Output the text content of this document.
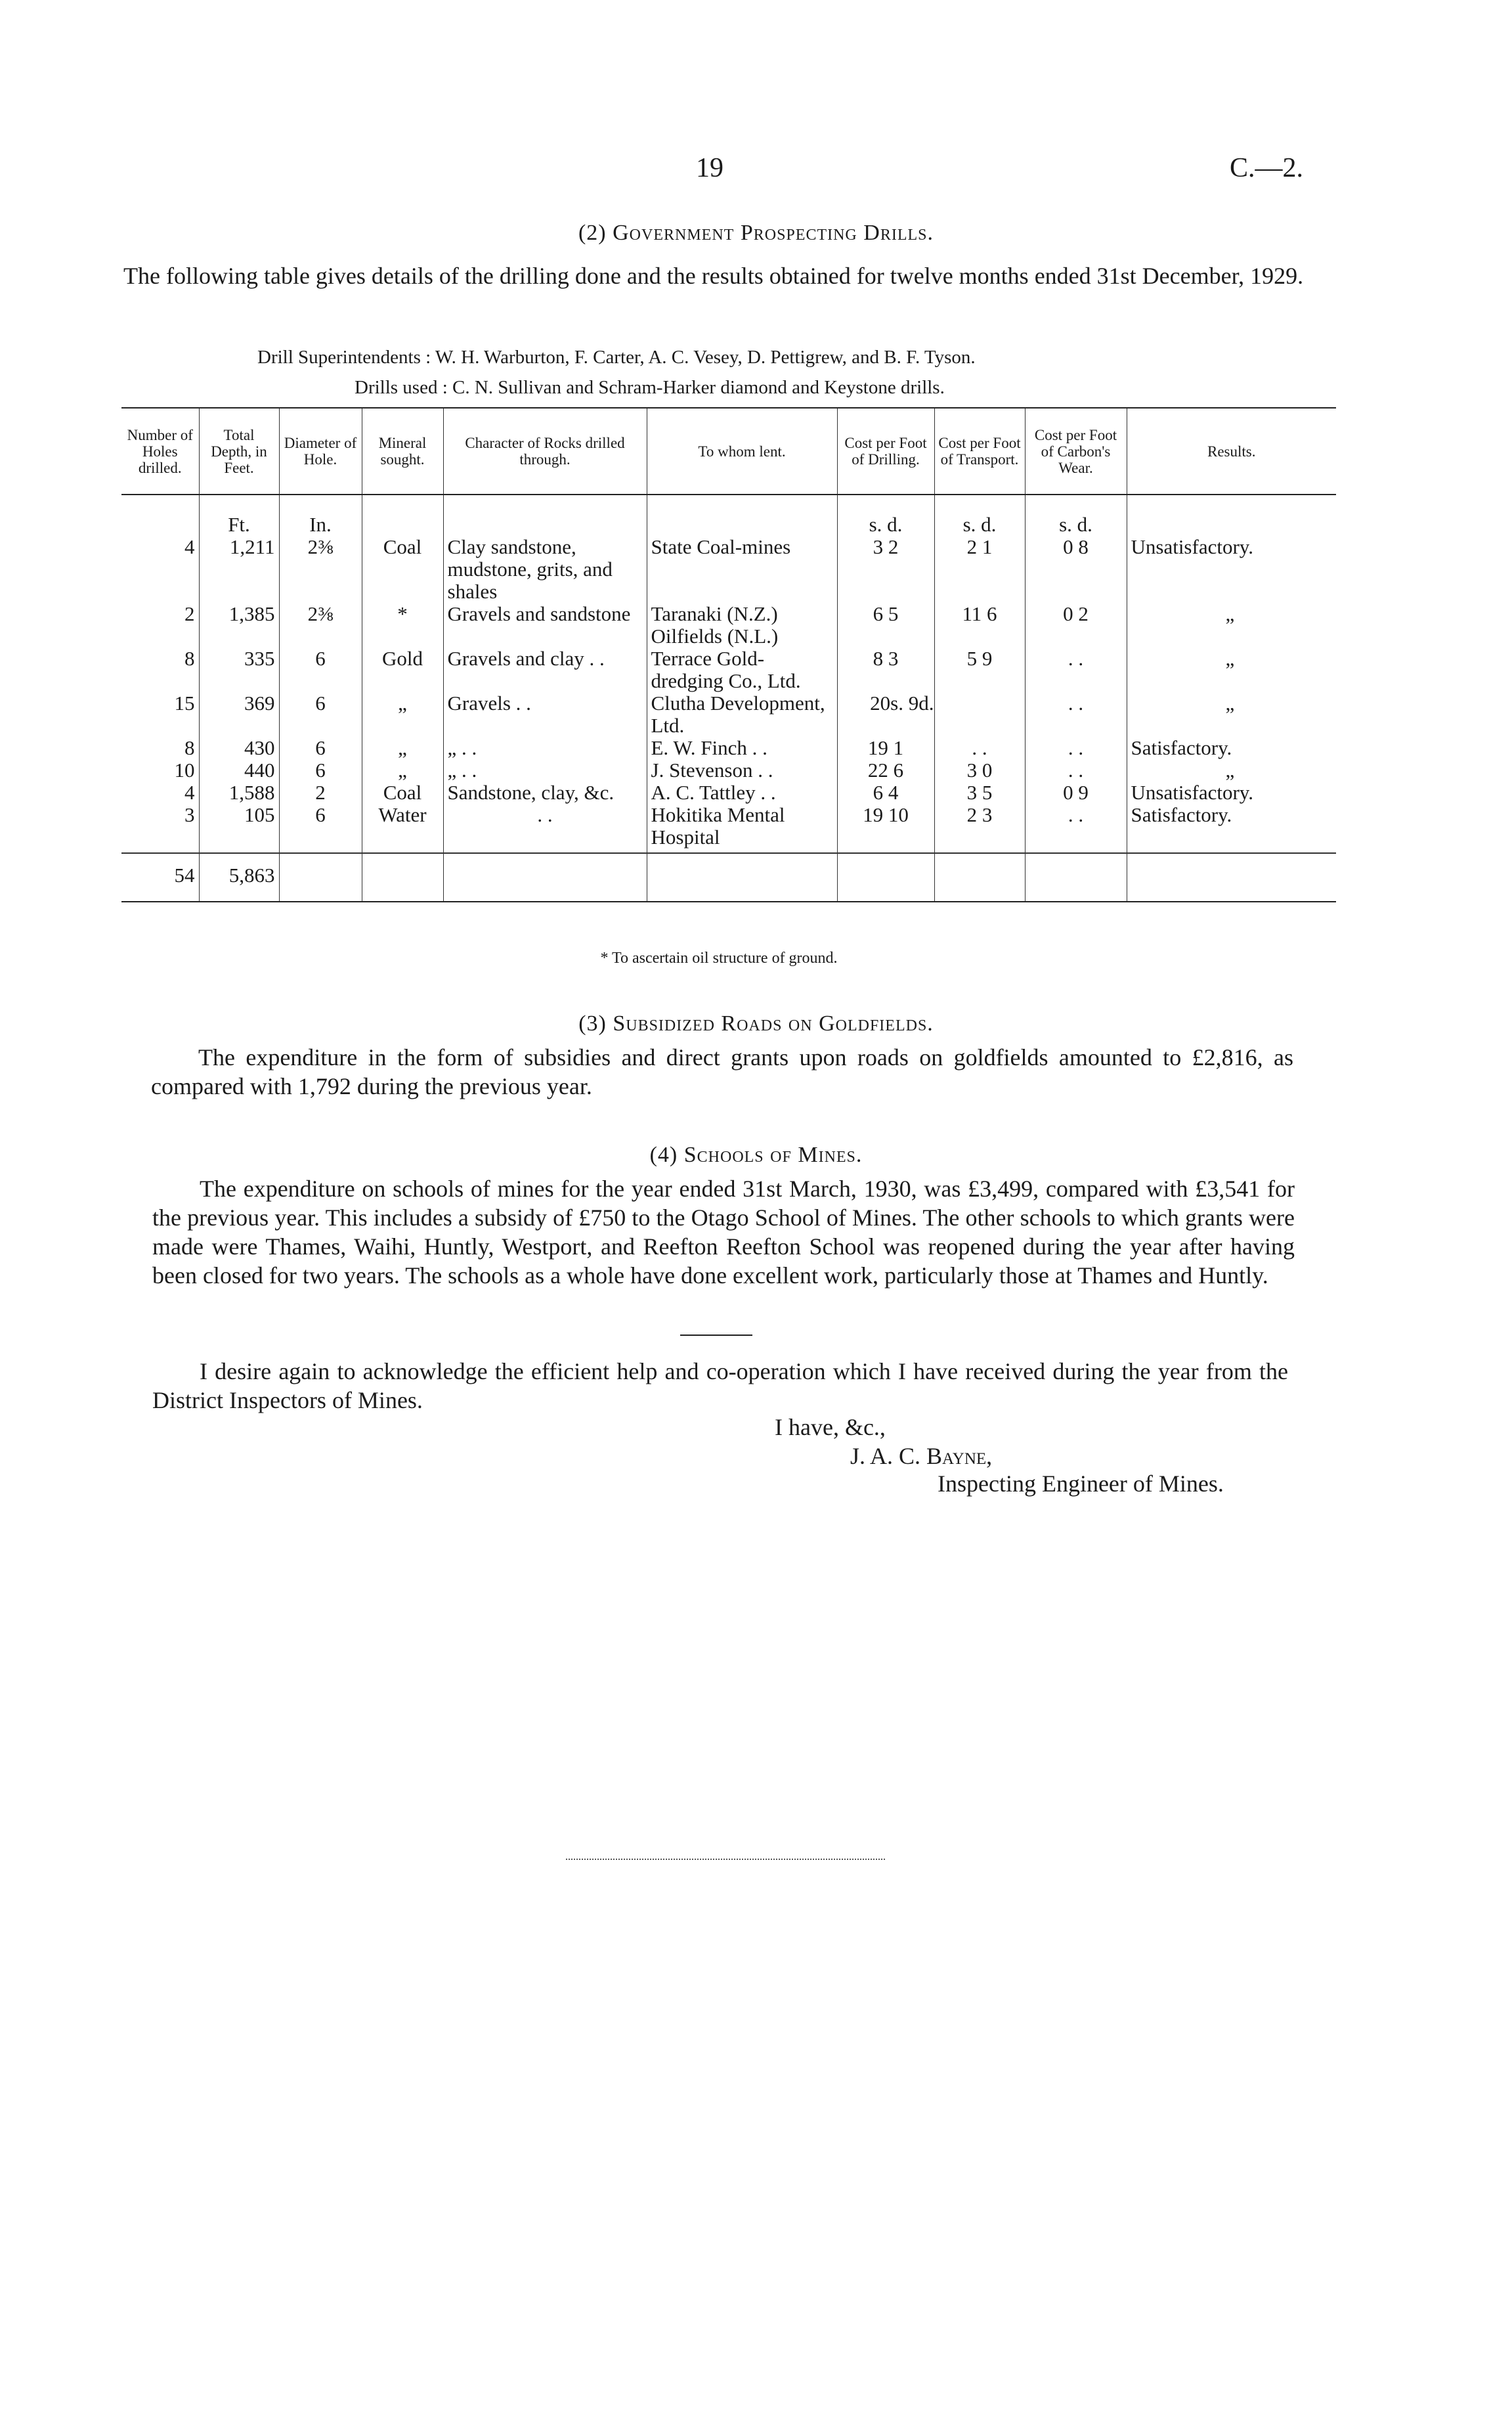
19	C.—2.
(2) Government Prospecting Drills.
The following table gives details of the drilling done and the results obtained for twelve months ended 31st December, 1929.
Drill Superintendents : W. H. Warburton, F. Carter, A. C. Vesey, D. Pettigrew, and B. F. Tyson.
Drills used : C. N. Sullivan and Schram-Harker diamond and Keystone drills.
Number of Holes drilled.	Total Depth, in Feet.	Diameter of Hole.	Mineral sought.	Character of Rocks drilled through.	To whom lent.	Cost per Foot of Drilling.	Cost per Foot of Transport.	Cost per Foot of Carbon's Wear.	Results.
	Ft.	In.				s. d.	s. d.	s. d.	
4	1,211	2⅜	Coal	Clay sandstone, mudstone, grits, and shales	State Coal-mines	3 2	2 1	0 8	Unsatisfactory.
2	1,385	2⅜	*	Gravels and sandstone	Taranaki (N.Z.) Oilfields (N.L.)	6 5	11 6	0 2	„
8	335	6	Gold	Gravels and clay . .	Terrace Gold-dredging Co., Ltd.	8 3	5 9	. .	„
15	369	6	„	Gravels . .	Clutha Development, Ltd.	20s. 9d.		. .	„
8	430	6	„	„ . .	E. W. Finch . .	19 1	. .	. .	Satisfactory.
10	440	6	„	„ . .	J. Stevenson . .	22 6	3 0	. .	„
4	1,588	2	Coal	Sandstone, clay, &c.	A. C. Tattley . .	6 4	3 5	0 9	Unsatisfactory.
3	105	6	Water	. .	Hokitika Mental Hospital	19 10	2 3	. .	Satisfactory.
54	5,863								
* To ascertain oil structure of ground.
(3) Subsidized Roads on Goldfields.
The expenditure in the form of subsidies and direct grants upon roads on goldfields amounted to £2,816, as compared with 1,792 during the previous year.
(4) Schools of Mines.
The expenditure on schools of mines for the year ended 31st March, 1930, was £3,499, compared with £3,541 for the previous year. This includes a subsidy of £750 to the Otago School of Mines. The other schools to which grants were made were Thames, Waihi, Huntly, Westport, and Reefton Reefton School was reopened during the year after having been closed for two years. The schools as a whole have done excellent work, particularly those at Thames and Huntly.
I desire again to acknowledge the efficient help and co-operation which I have received during the year from the District Inspectors of Mines.
I have, &c.,
J. A. C. Bayne,
Inspecting Engineer of Mines.
